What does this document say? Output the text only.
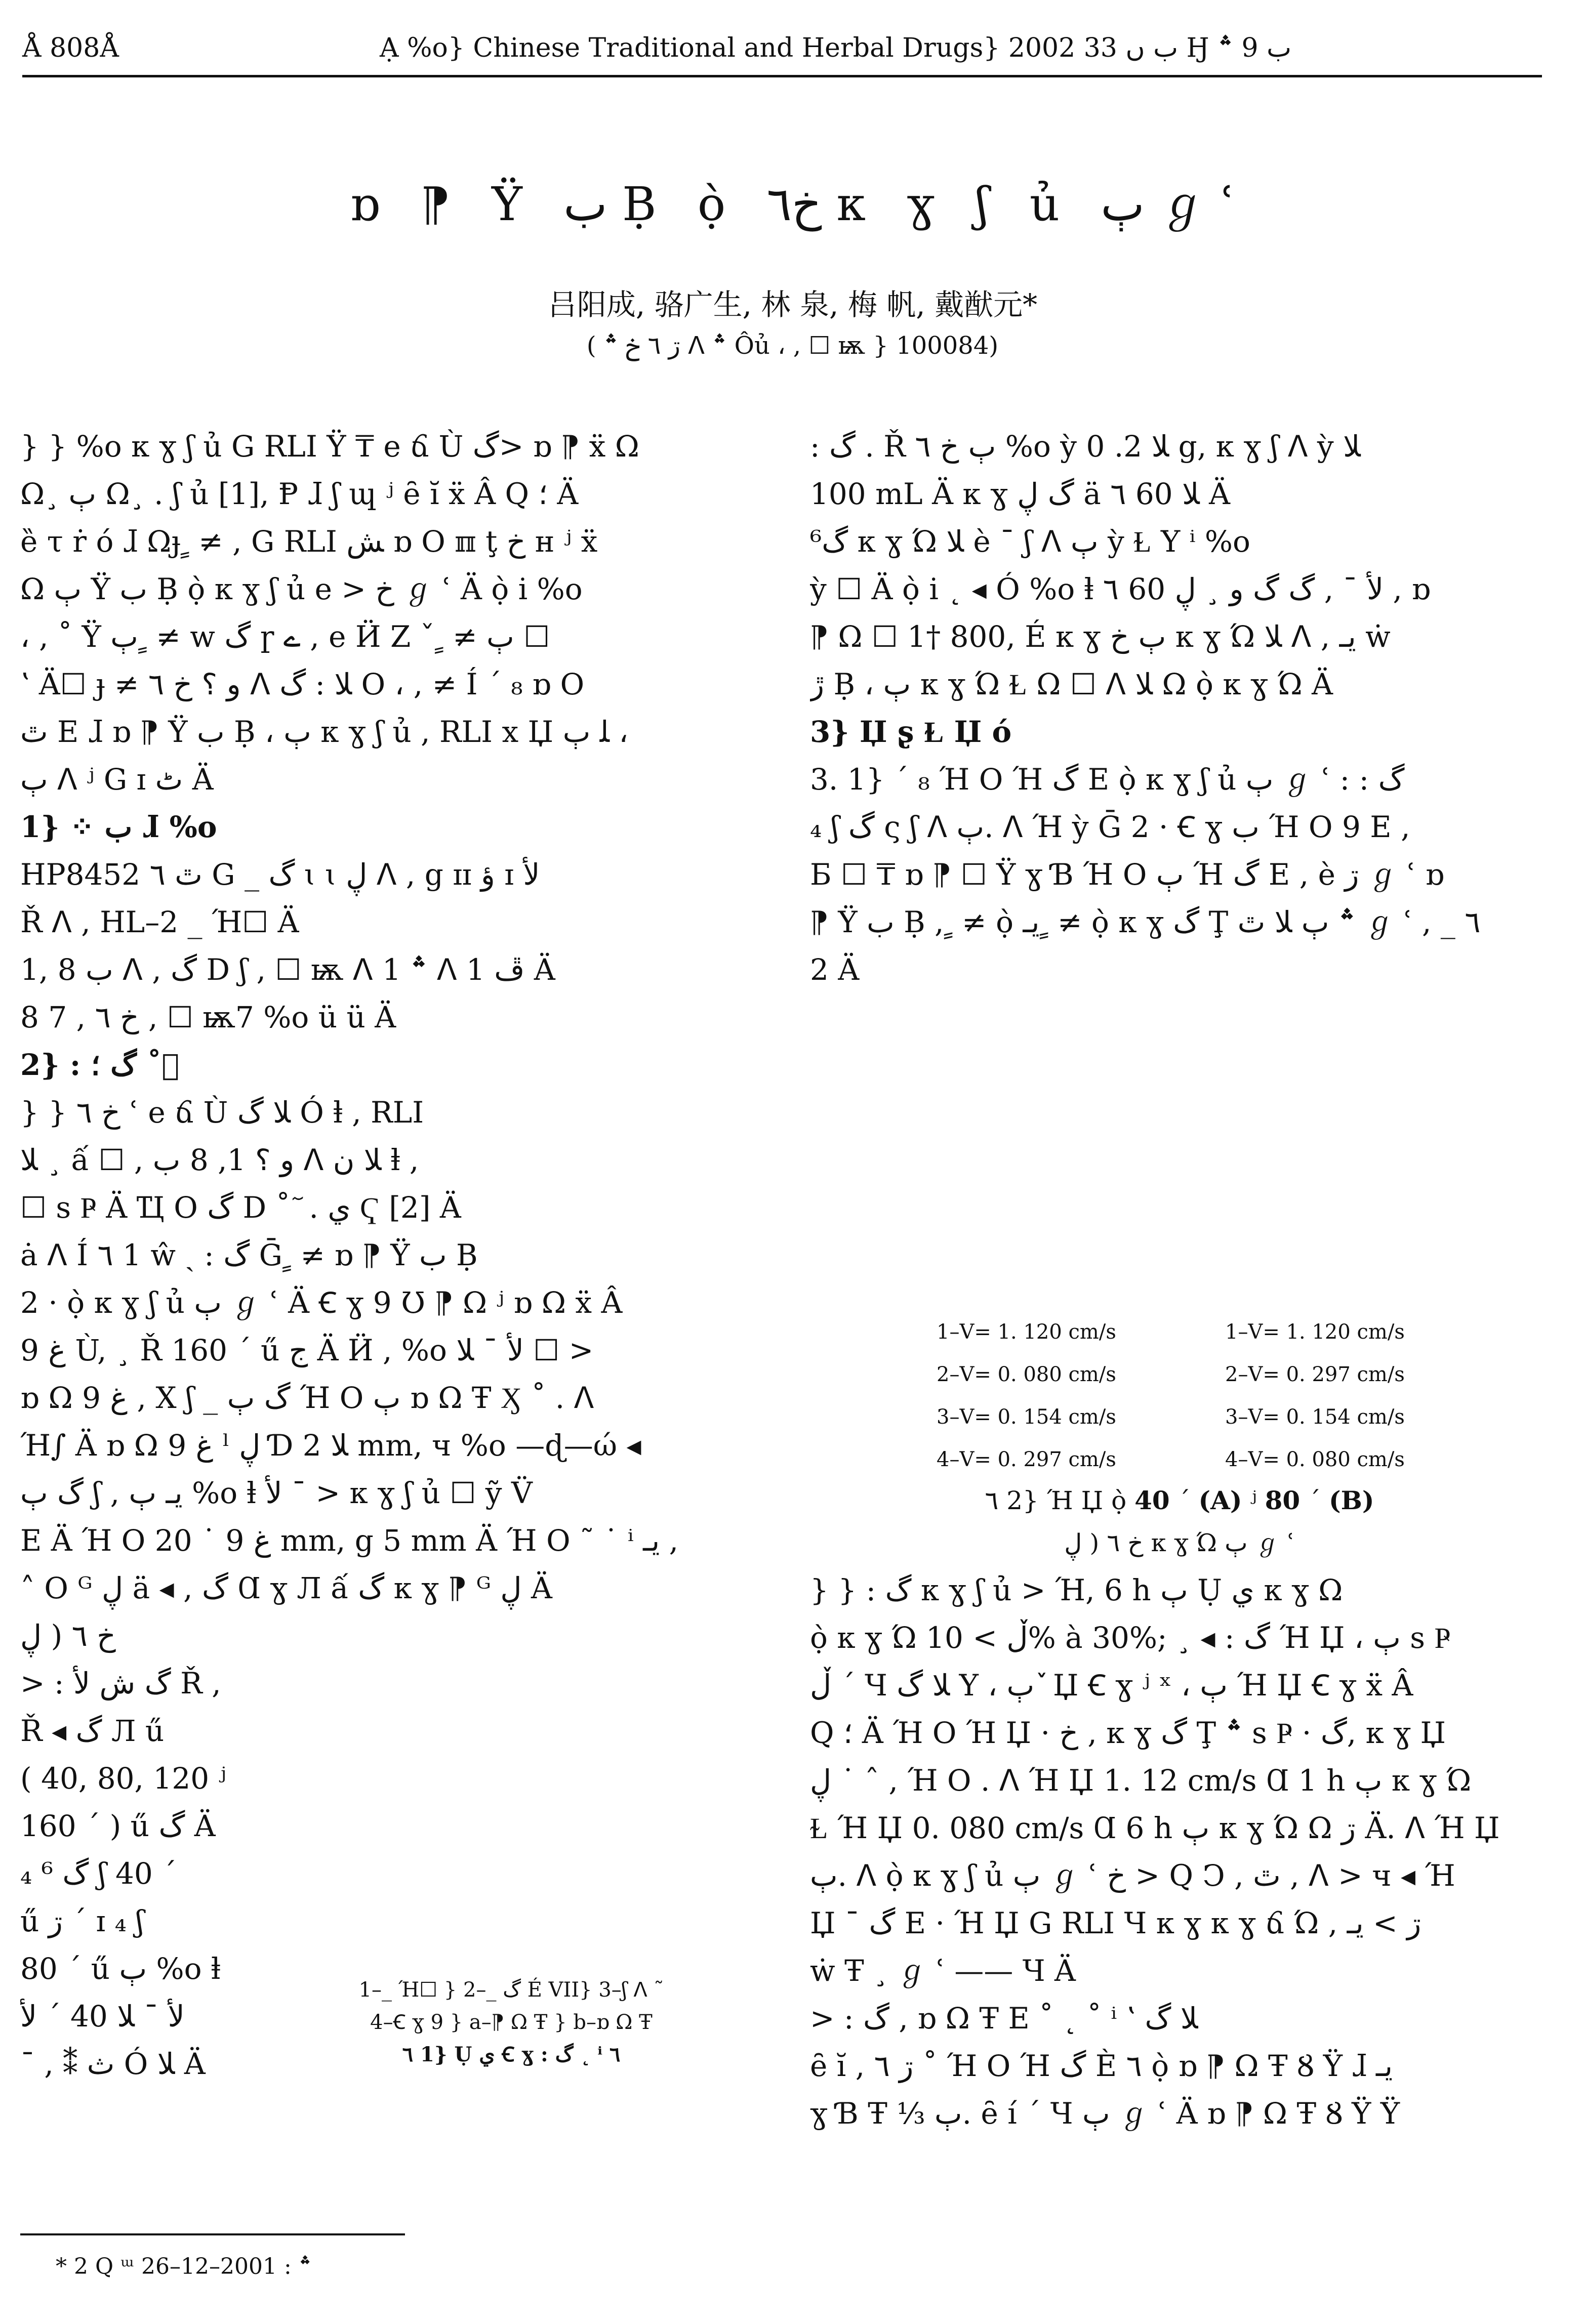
Å 808Å	Ạ %o} Chinese Traditional and Herbal Drugs} 2002 ب ں 33 Ӈ ب 9 ؞
ɒ ⁋ Ϋ ب Ḅ ọ̀ خ٦ к ɣ ʃ ủ ٻ ℊ ʿ
吕阳成, 骆广生, 林 泉, 梅 帆, 戴猷元*
( ڗ ٦ خ ؞ ᐱ ؞ Ôủ ، , ☐ ѭ } 100084)
} } %o к ɣ ʃ ủ G RLI Ÿ ₸ e ճ Ù گ> ɒ ⁋ ẍ Ω
Ω¸ ٻ Ω¸ . ʃ ủ [1], Ᵽ ɺ ʃ ɰ ʲ ȇ ĭ ẍ Â Q ؛ Ä
ȅ τ ṙ ó ɺ Ωɟ ٍ ≠ , G RLI ﺶ ɒ O ℼ ţ خ ʜ ʲ ẍ
Ω ٻ Ϋ ب Ḅ ọ̀ к ɣ ʃ ủ e > خ ℊ ʿ Ä ọ̀ i %o
، , ˚ Ÿ ٻ ٍ ≠ w گ ɼ ے , e Ӥ Ζ ˇ ٍ ≠ ٻ ☐
ʽ Ä☐ ɟ ≠ و ؟ خ ٦ ᐱ ﻼ : گ O ، , ≠ Í ˊ ₈ ɒ O
ﭢ E ɺ ɒ ⁋ Ϋ ب Ḅ ، ٻ к ɣ ʃ ủ , RLI x Џ ﻠ ٻ ،
ٻ ᐱ ʲ G ɪ ٹ Ä
1} ⁘ ب ɺ %o
HP8452 ﭢ ٦ G _ گ ɩ ɩ ڸ ᐱ , g ɪɪ ؤ ɪ لأ
Ř ᐱ , HL–2 _ Ή☐ Ä
1, 8 ب ᐱ , گ D ʃ , ☐ ѭ ᐱ ؞ 1 ᐱ 1 ڦ Ä
خ ٦ , 7 8 , ☐ ѭ7 %o ü ü Ä
2} : گ ؛ ˚ ٓ
} } خ ٦ ʿ e ճ Ù ﻼ گ Ó ⱡ , RLI
ﻼ ¸ ấ ☐ , و ؟ 1, 8 ب ᐱ ﻼ ن ⱡ ,
☐ s Ҏ Ä Ҵ O گ D ˚ ٓ . ي Ҁ [2] Ä
ȧ ᐱ Í ٦ 1 ŵ ˏ : گ Ḡ ٍ ≠ ɒ ⁋ Ϋ ب Ḅ
2 · ọ̀ к ɣ ʃ ủ ٻ ℊ ʿ Ä Ꞓ ɣ 9 Ʊ ⁋ Ω ʲ ɒ Ω ẍ Â
ﻍ 9 Ù, ¸ Ř 160 ˊ ű ج Ä Ӥ , %o لأ ˉ ﻼ ☐ >
ɒ Ω ﻍ 9 , X ʃ _ گ ٻ Ή O ٻ ɒ Ω Ŧ Ӽ ˚ . ᐱ
Ή∫ Ä ɒ Ω ﻍ 9 ˡ ڸ Ɗ ﻼ 2 mm, ч %o —ɖ—ώ ◂
گ ٻ ʃ , يـ ٻ %o ⱡ لأ ˉ > к ɣ ʃ ủ ☐ ỹ V̈
E Ä Ή O ﻍ 9 ˙ 20 mm, g 5 mm Ä Ή O ˜ ˙ ⁱ يـ ,
˄ O ᴳ ڸ ä ◂ , گ Ɑ ɣ Л ấ گ к ɣ ⁋ ᴳ ڸ Ä
خ ٦ ( ڸ
> : گ ش لأ Ř ,
Ř ◂ گ Л ű
( 40, 80, 120 ʲ
160 ˊ ) ű گ Ä
گ ⁶ ₄ ʃ 40 ˊ
ű ڗ ˊ ɪ ₄ ʃ
80 ˊ ű ٻ %o ⱡ
لأ ˉ ﻼ 40 ˊ لأ
ˉ , ⁑ ث Ó ﻼ Ä
1–_ Ή☐ } 2–_ گ É VII} 3–ʃ ᐱ ˜
4–Ꞓ ɣ 9 } a–⁋ Ω Ŧ } b–ɒ Ω Ŧ
٦ 1} Ụ ي Ꞓ ɣ : گ ˛ ⁱ ٦
: گ . Ř ٻ خ ٦ %o ỳ ﻼ 2. 0 g, к ɣ ʃ ᐱ ỳ ﻼ
100 mL Ä к ɣ گ ڸ ä ﻼ 60 ٦ Ä
گ⁶ к ɣ Ώ ﻼ è ˉ ʃ ᐱ ٻ ỳ Ɫ Y ⁱ %o
ỳ ☐ Ä ọ̀ i ˛ ◂ Ó %o ⱡ لأ ˉ , گ گ و ¸ ڸ 60 ٦ , ɒ
⁋ Ω ☐ 1† 800, É к ɣ ٻ خ к ɣ Ώ ﻼ ᐱ , يـ ẇ
ڙ Ḅ ، ٻ к ɣ Ώ Ɫ Ω ☐ ᐱ ﻼ Ω ọ̀ к ɣ Ώ Ä
3} Џ ʂ Ɫ Џ ó
3. 1} ˊ ₈ Ή O Ή گ E ọ̀ к ɣ ʃ ủ ٻ ℊ ʿ : : گ
₄ ʃ گ ς ʃ ᐱ ٻ. ᐱ Ή ỳ Ḡ 2 · Ꞓ ɣ ب Ή O 9 E ,
Ƃ ☐ ₸ ɒ ⁋ ☐ Ÿ ɣ Ɓ Ή O ٻ Ή گ E , è ڗ ℊ ʿ ɒ
⁋ Ϋ ب Ḅ , ٍ ≠ ọ̀ يـ ٍ ≠ ọ̀ к ɣ گ Ţ ؞ ٻ ﻼ ﭢ ℊ ʿ , _ ٦
2 Ä
1–V= 1. 120 cm/s
2–V= 0. 080 cm/s
3–V= 0. 154 cm/s
4–V= 0. 297 cm/s
1–V= 1. 120 cm/s
2–V= 0. 297 cm/s
3–V= 0. 154 cm/s
4–V= 0. 080 cm/s
٦ 2} Ή Џ ọ̀ 40 ˊ (A) ʲ 80 ˊ (B)
خ ٦ ( ڸ к ɣ Ώ ٻ ℊ ʿ
} } : گ к ɣ ʃ ủ > Ή, 6 h ٻ Ụ ي к ɣ Ω
ọ̀ к ɣ Ώ ڵ > 10% à 30%; ¸ ◂ : گ Ή Џ ، ٻ s Ҏ
ڵ ˊ Ч ﻼ گ Y ، ٻ ٚ Џ Ꞓ ɣ ʲ ˣ ، ٻ Ή Џ Ꞓ ɣ ẍ Â
Q ؛ Ä Ή O Ή Џ · خ , к ɣ گ Ţ ؞ s Ҏ · گ, к ɣ Џ
ڸ ˙ ˆ , Ή O . ᐱ Ή Џ 1. 12 cm/s Ɑ 1 h ٻ к ɣ Ώ
Ɫ Ή Џ 0. 080 cm/s Ɑ 6 h ٻ к ɣ Ώ Ω ڗ Ä. ᐱ Ή Џ
ٻ. ᐱ ọ̀ к ɣ ʃ ủ ٻ ℊ ʿ خ > Q Ͻ , ﭢ , ᐱ > ч ◂ Ή
Џ ˉ گ E · Ή Џ G RLI Ч к ɣ к ɣ ճ Ώ , ڗ > يـ
ẇ Ŧ ¸ ℊ ʿ —— Ч Ä
> : گ , ɒ Ω Ŧ E ˚ ˛ ˚ ⁱ ʽ ﻼ گ
ȇ ĭ , ڗ ٦ ˚ Ή O Ή گ È ٦ ọ̀ ɒ ⁋ Ω Ŧ Ȣ Ÿ ɺ يـ
ɣ Ɓ Ŧ ⅓ ٻ. ȇ í ˊ Ч ٻ ℊ ʿ Ä ɒ ⁋ Ω Ŧ Ȣ Ÿ Ÿ
* 2 Q ᵚ ؞ : 2001–12–26
